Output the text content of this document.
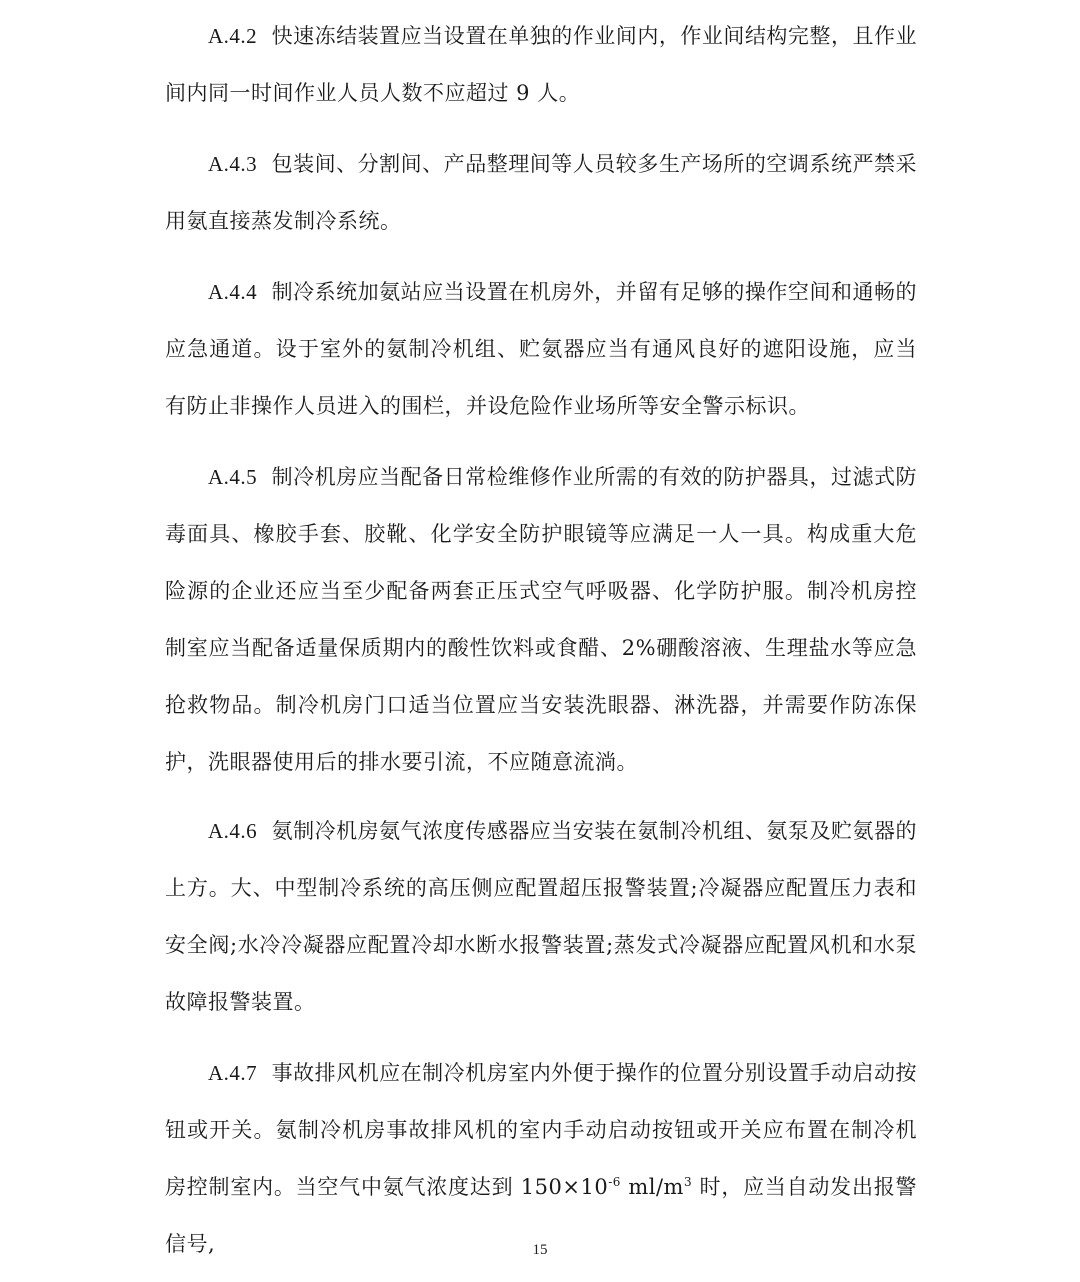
A.4.2 快速冻结装置应当设置在单独的作业间内，作业间结构完整，且作业间内同一时间作业人员人数不应超过 9 人。

A.4.3 包装间、分割间、产品整理间等人员较多生产场所的空调系统严禁采用氨直接蒸发制冷系统。

A.4.4 制冷系统加氨站应当设置在机房外，并留有足够的操作空间和通畅的应急通道。设于室外的氨制冷机组、贮氨器应当有通风良好的遮阳设施，应当有防止非操作人员进入的围栏，并设危险作业场所等安全警示标识。

A.4.5 制冷机房应当配备日常检维修作业所需的有效的防护器具，过滤式防毒面具、橡胶手套、胶靴、化学安全防护眼镜等应满足一人一具。构成重大危险源的企业还应当至少配备两套正压式空气呼吸器、化学防护服。制冷机房控制室应当配备适量保质期内的酸性饮料或食醋、2%硼酸溶液、生理盐水等应急抢救物品。制冷机房门口适当位置应当安装洗眼器、淋洗器，并需要作防冻保护，洗眼器使用后的排水要引流，不应随意流淌。

A.4.6 氨制冷机房氨气浓度传感器应当安装在氨制冷机组、氨泵及贮氨器的上方。大、中型制冷系统的高压侧应配置超压报警装置;冷凝器应配置压力表和安全阀;水冷冷凝器应配置冷却水断水报警装置;蒸发式冷凝器应配置风机和水泵故障报警装置。

A.4.7 事故排风机应在制冷机房室内外便于操作的位置分别设置手动启动按钮或开关。氨制冷机房事故排风机的室内手动启动按钮或开关应布置在制冷机房控制室内。当空气中氨气浓度达到 $150\times 10^{-6}$ $ml/m^3$ 时，应当自动发出报警信号,	15
